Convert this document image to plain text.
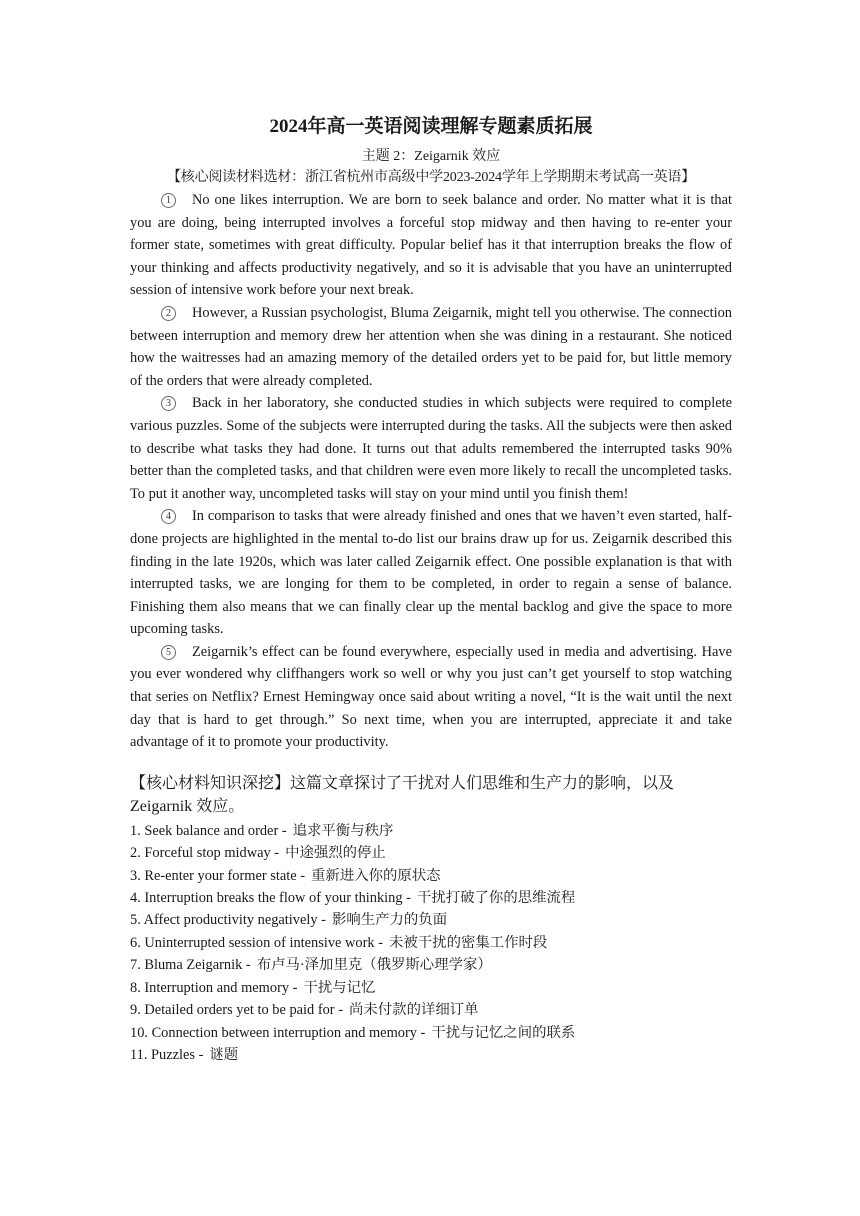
2024年高一英语阅读理解专题素质拓展

主题 2：Zeigarnik 效应

【核心阅读材料选材：浙江省杭州市高级中学2023-2024学年上学期期末考试高一英语】

1 No one likes interruption. We are born to seek balance and order. No matter what it is that you are doing, being interrupted involves a forceful stop midway and then having to re-enter your former state, sometimes with great difficulty. Popular belief has it that interruption breaks the flow of your thinking and affects productivity negatively, and so it is advisable that you have an uninterrupted session of intensive work before your next break.

2 However, a Russian psychologist, Bluma Zeigarnik, might tell you otherwise. The connection between interruption and memory drew her attention when she was dining in a restaurant. She noticed how the waitresses had an amazing memory of the detailed orders yet to be paid for, but little memory of the orders that were already completed.

3 Back in her laboratory, she conducted studies in which subjects were required to complete various puzzles. Some of the subjects were interrupted during the tasks. All the subjects were then asked to describe what tasks they had done. It turns out that adults remembered the interrupted tasks 90% better than the completed tasks, and that children were even more likely to recall the uncompleted tasks. To put it another way, uncompleted tasks will stay on your mind until you finish them!

4 In comparison to tasks that were already finished and ones that we haven’t even started, half-done projects are highlighted in the mental to-do list our brains draw up for us. Zeigarnik described this finding in the late 1920s, which was later called Zeigarnik effect. One possible explanation is that with interrupted tasks, we are longing for them to be completed, in order to regain a sense of balance. Finishing them also means that we can finally clear up the mental backlog and give the space to more upcoming tasks.

5 Zeigarnik’s effect can be found everywhere, especially used in media and advertising. Have you ever wondered why cliffhangers work so well or why you just can’t get yourself to stop watching that series on Netflix? Ernest Hemingway once said about writing a novel, “It is the wait until the next day that is hard to get through.” So next time, when you are interrupted, appreciate it and take advantage of it to promote your productivity.

【核心材料知识深挖】这篇文章探讨了干扰对人们思维和生产力的影响，以及Zeigarnik 效应。

1. Seek balance and order - 追求平衡与秩序
2. Forceful stop midway - 中途强烈的停止
3. Re-enter your former state - 重新进入你的原状态
4. Interruption breaks the flow of your thinking - 干扰打破了你的思维流程
5. Affect productivity negatively - 影响生产力的负面
6. Uninterrupted session of intensive work - 未被干扰的密集工作时段
7. Bluma Zeigarnik - 布卢马·泽加里克（俄罗斯心理学家）
8. Interruption and memory - 干扰与记忆
9. Detailed orders yet to be paid for - 尚未付款的详细订单
10. Connection between interruption and memory - 干扰与记忆之间的联系
11. Puzzles - 谜题
